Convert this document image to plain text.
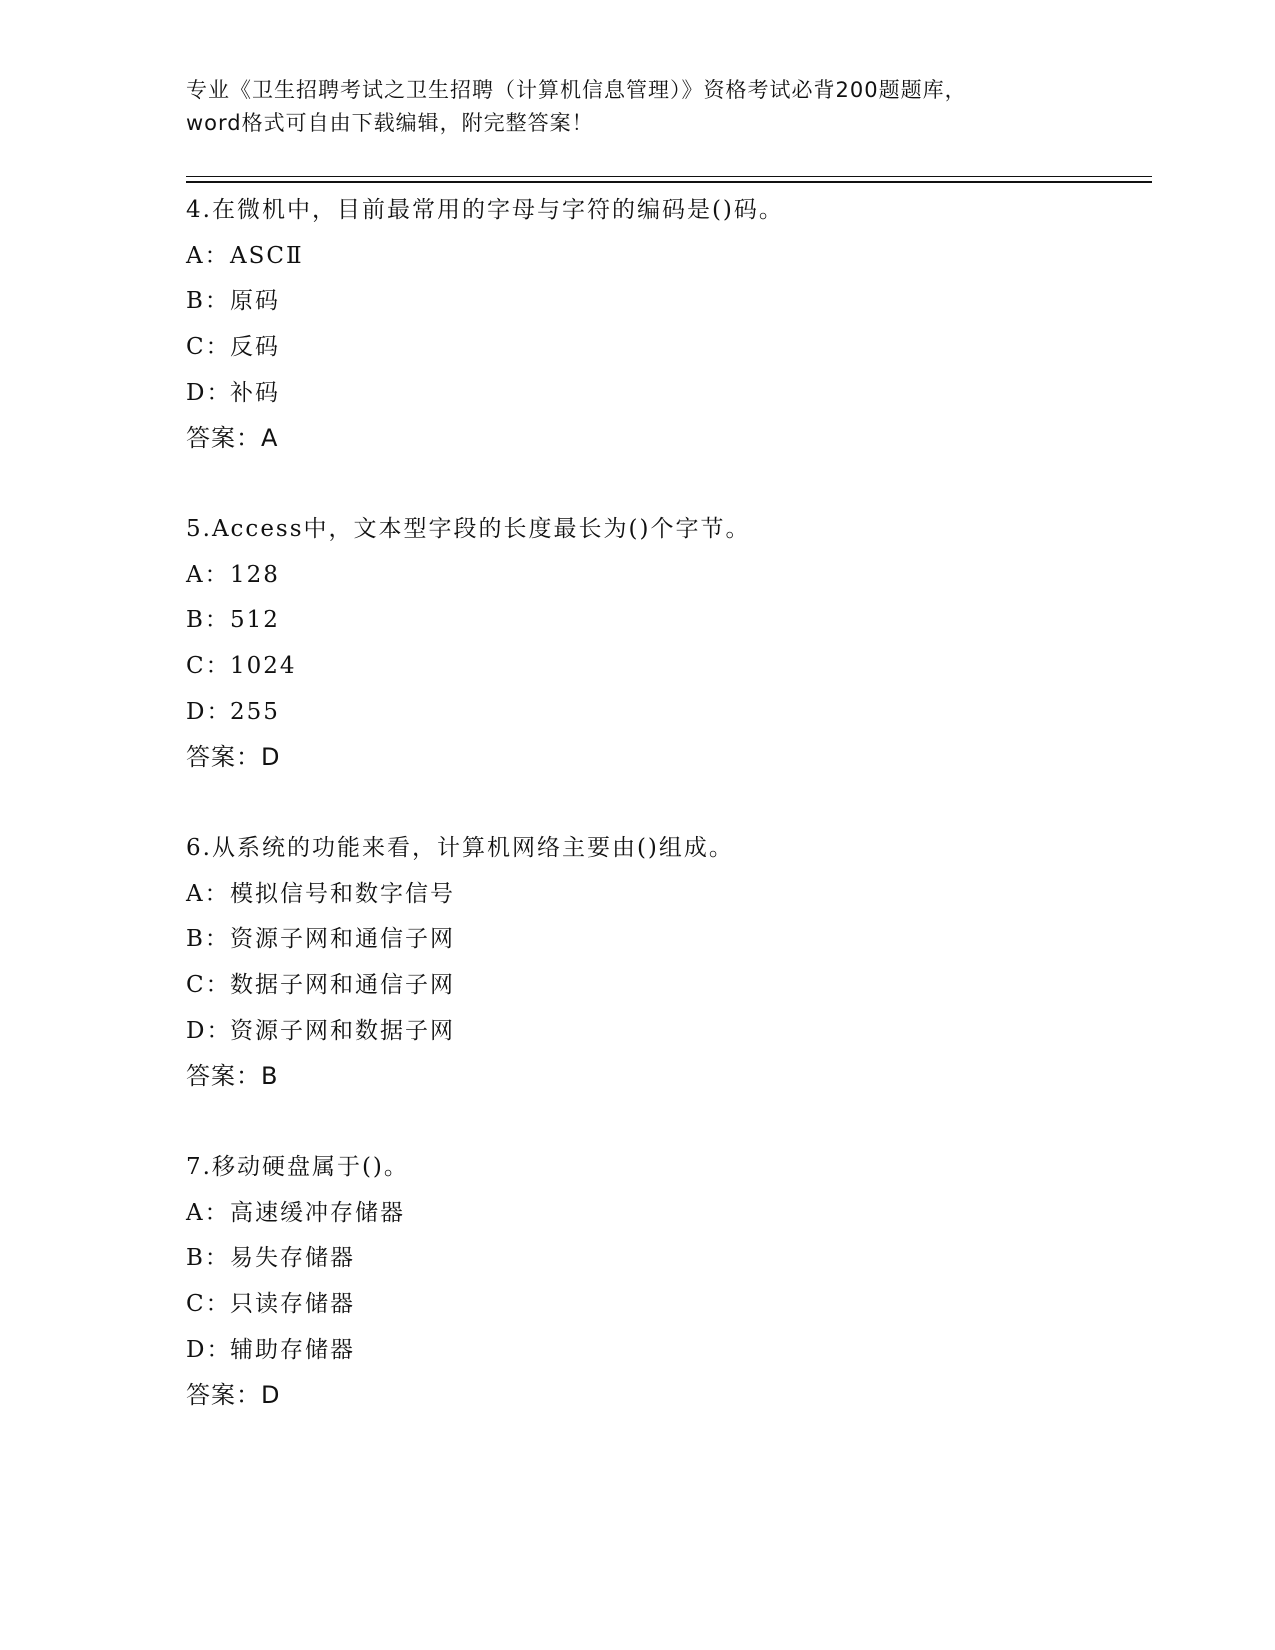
专业《卫生招聘考试之卫生招聘（计算机信息管理）》资格考试必背200题题库，
word格式可自由下载编辑，附完整答案！
4.在微机中，目前最常用的字母与字符的编码是()码。
A：ASCⅡ
B：原码
C：反码
D：补码
答案：A
5.Access中，文本型字段的长度最长为()个字节。
A：128
B：512
C：1024
D：255
答案：D
6.从系统的功能来看，计算机网络主要由()组成。
A：模拟信号和数字信号
B：资源子网和通信子网
C：数据子网和通信子网
D：资源子网和数据子网
答案：B
7.移动硬盘属于()。
A：高速缓冲存储器
B：易失存储器
C：只读存储器
D：辅助存储器
答案：D
